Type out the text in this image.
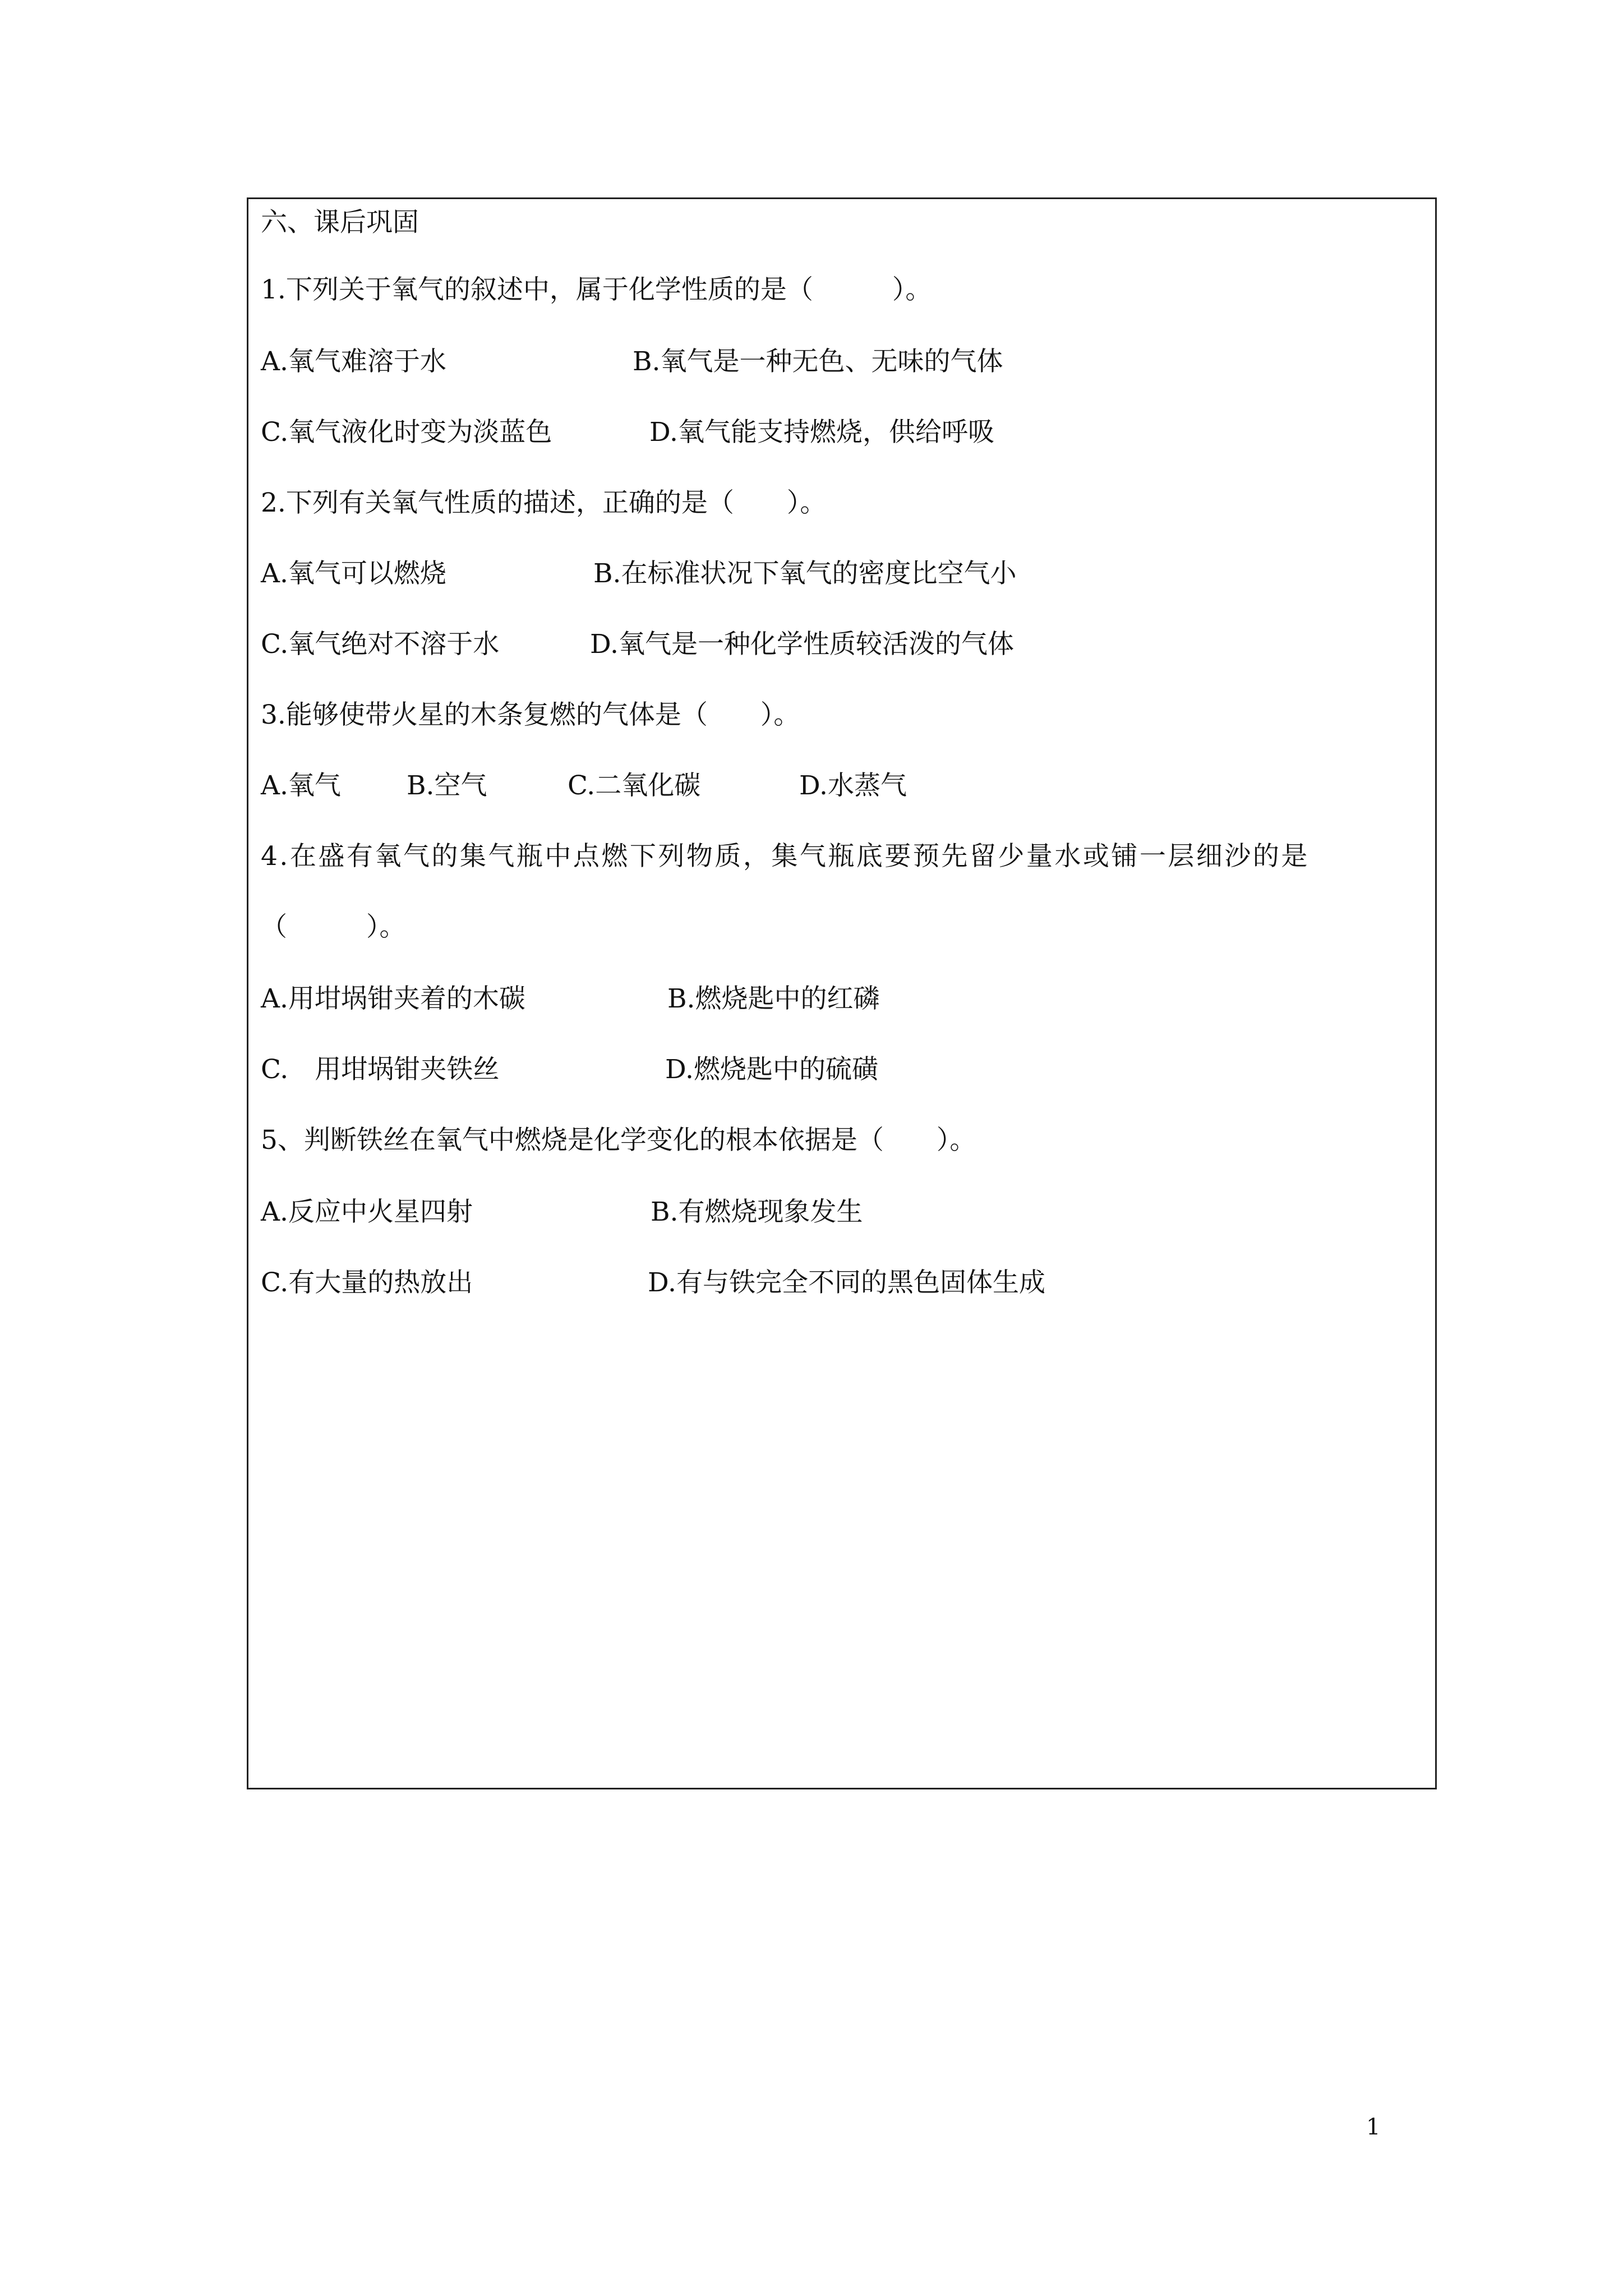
六、课后巩固
1.下列关于氧气的叙述中，属于化学性质的是（　　　）。
A.氧气难溶于水	B.氧气是一种无色、无味的气体
C.氧气液化时变为淡蓝色	D.氧气能支持燃烧，供给呼吸
2.下列有关氧气性质的描述，正确的是（　　）。
A.氧气可以燃烧	B.在标准状况下氧气的密度比空气小
C.氧气绝对不溶于水	D.氧气是一种化学性质较活泼的气体
3.能够使带火星的木条复燃的气体是（　　）。
A.氧气 B.空气	C.二氧化碳	D.水蒸气
4.在盛有氧气的集气瓶中点燃下列物质，集气瓶底要预先留少量水或铺一层细沙的是
（　　　）。
A.用坩埚钳夹着的木碳	B.燃烧匙中的红磷
C.　用坩埚钳夹铁丝	D.燃烧匙中的硫磺
5、判断铁丝在氧气中燃烧是化学变化的根本依据是（　　）。
A.反应中火星四射	B.有燃烧现象发生
C.有大量的热放出	D.有与铁完全不同的黑色固体生成
1
